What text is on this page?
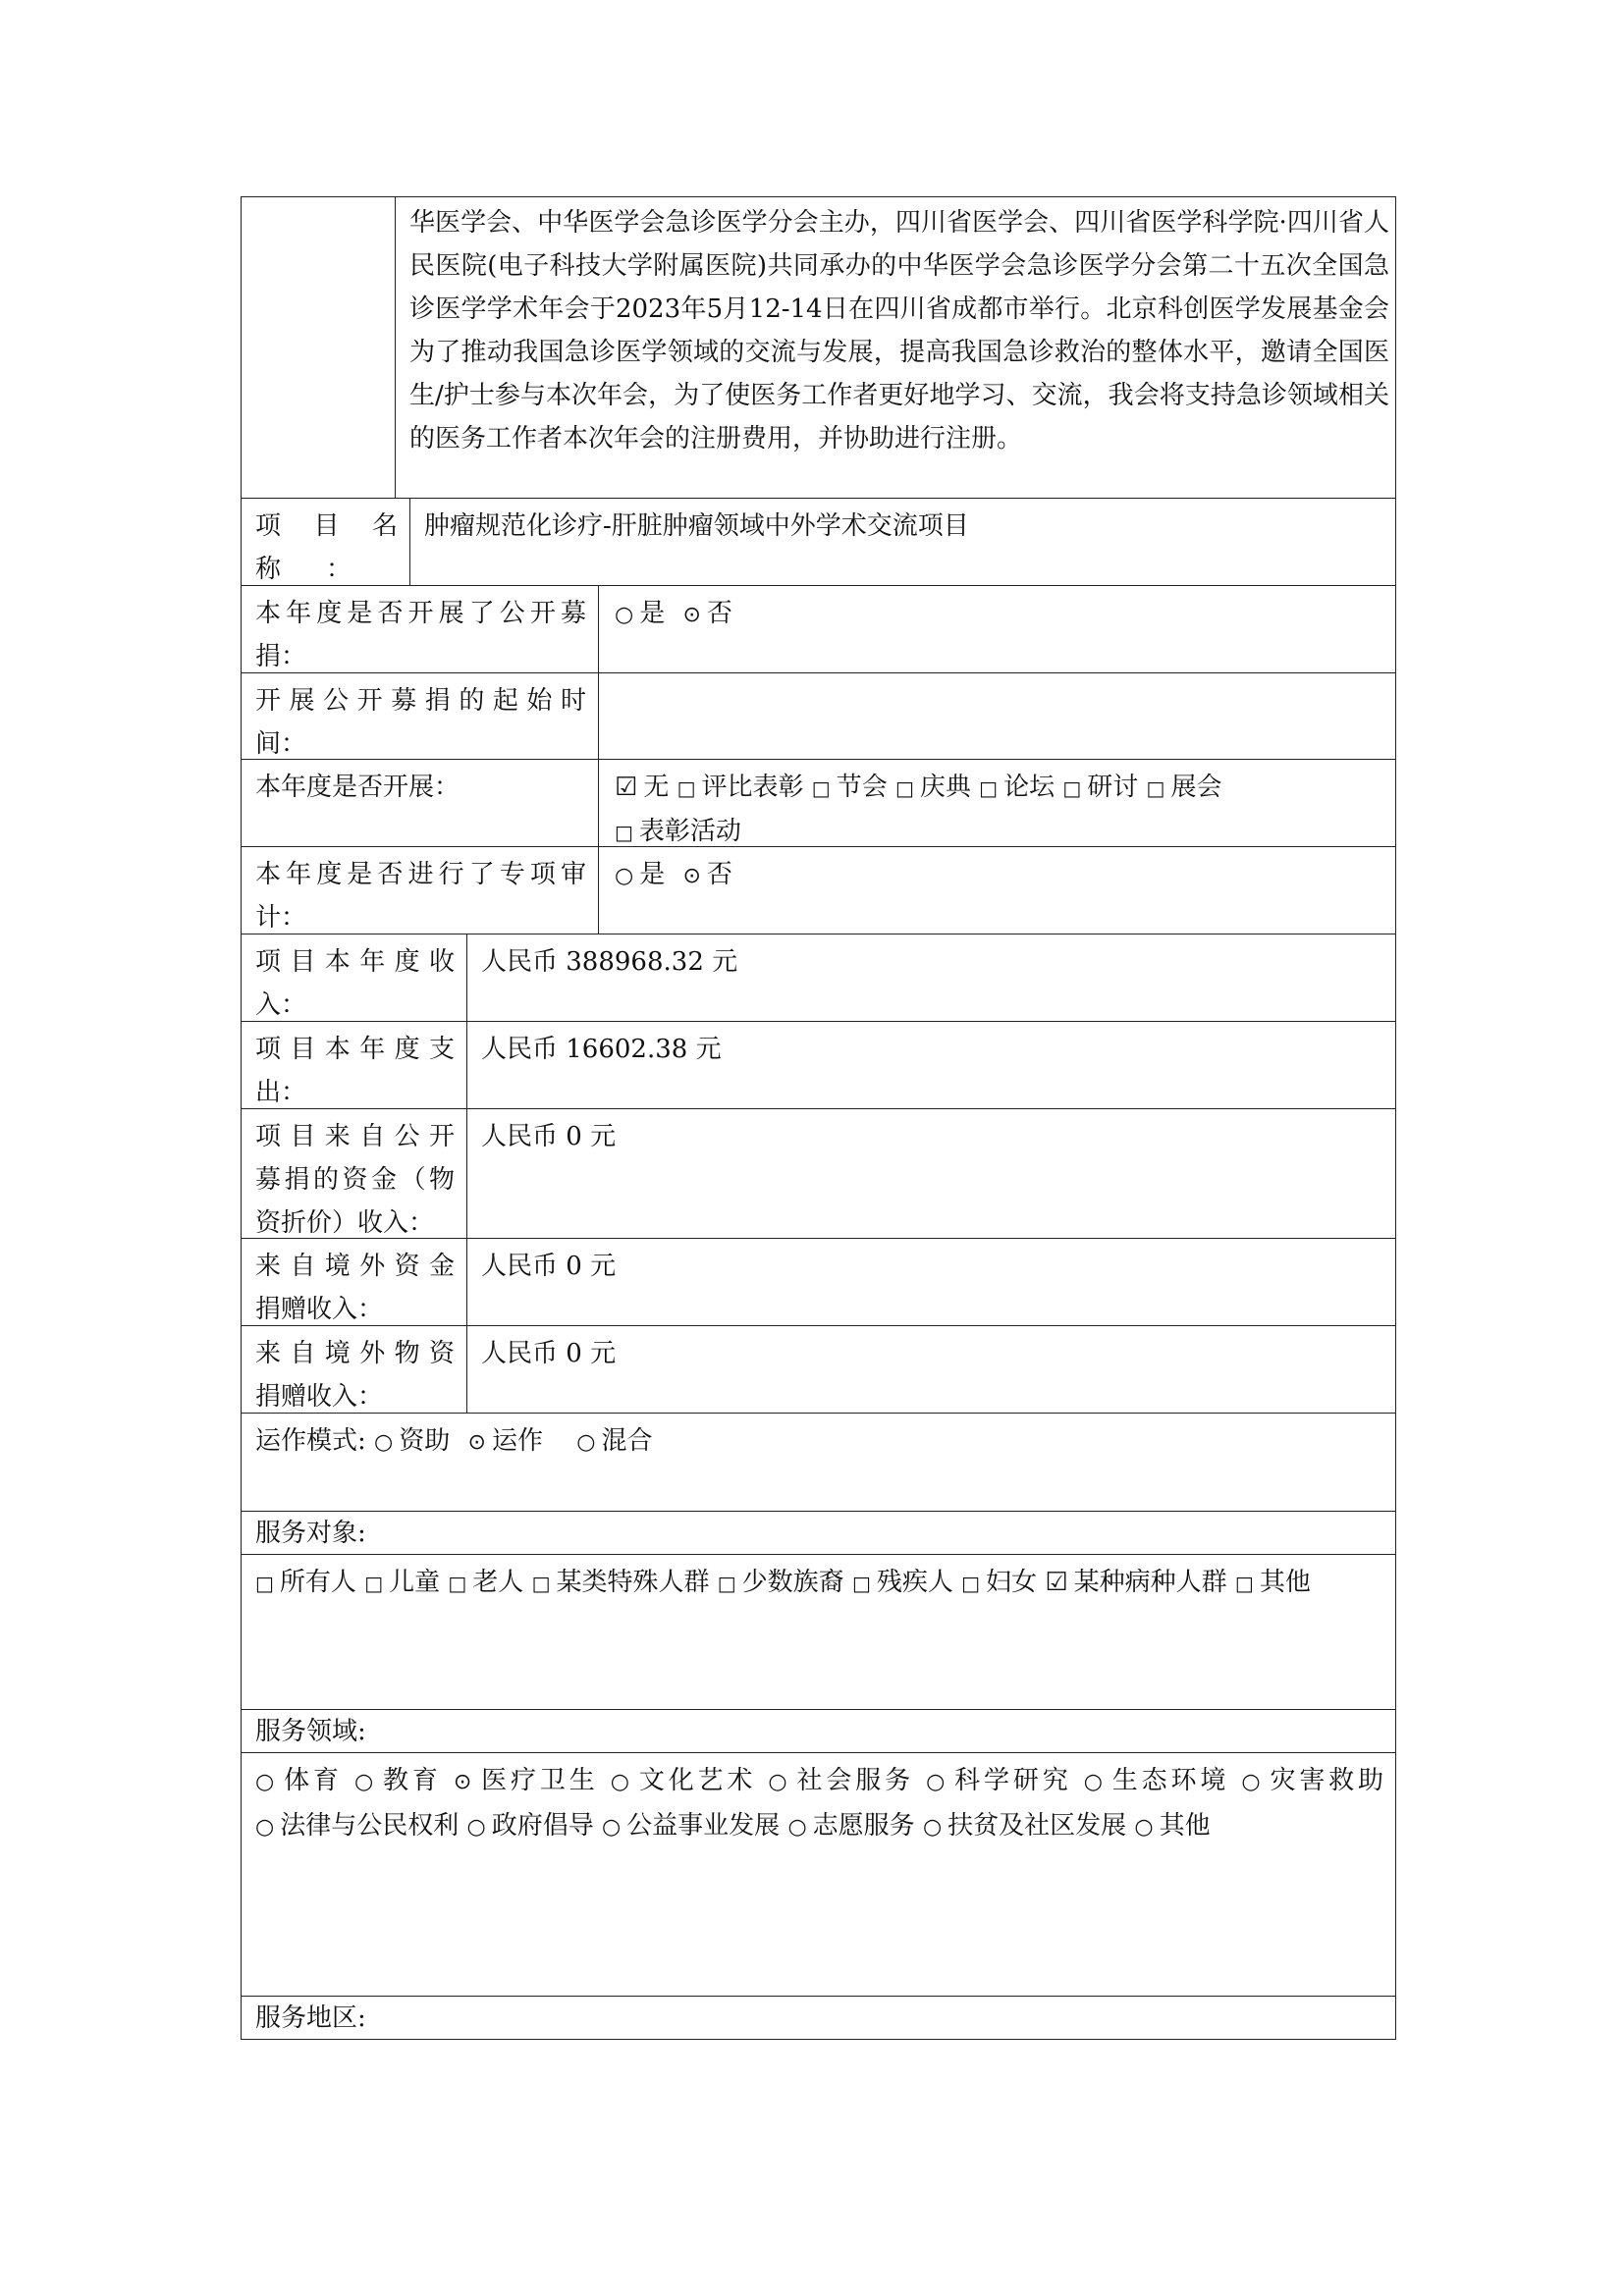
华医学会、中华医学会急诊医学分会主办，四川省医学会、四川省医学科学院·四川省人民医院(电子科技大学附属医院)共同承办的中华医学会急诊医学分会第二十五次全国急诊医学学术年会于2023年5月12-14日在四川省成都市举行。北京科创医学发展基金会为了推动我国急诊医学领域的交流与发展，提高我国急诊救治的整体水平，邀请全国医生/护士参与本次年会，为了使医务工作者更好地学习、交流，我会将支持急诊领域相关的医务工作者本次年会的注册费用，并协助进行注册。
项　目　名
称　：
肿瘤规范化诊疗-肝脏肿瘤领域中外学术交流项目
本年度是否开展了公开募
捐：
○ 是 ⊙ 否
开展公开募捐的起始时
间：
本年度是否开展：	☑ 无 □ 评比表彰 □ 节会 □ 庆典 □ 论坛 □ 研讨 □ 展会
□ 表彰活动
本年度是否进行了专项审
计：
○ 是 ⊙ 否
项目本年度收
入：
人民币 388968.32 元
项目本年度支
出：
人民币 16602.38 元
项目来自公开
募捐的资金（物
资折价）收入：
人民币 0 元
来自境外资金
捐赠收入：
人民币 0 元
来自境外物资
捐赠收入：
人民币 0 元
运作模式: ○ 资助 ⊙ 运作 ○ 混合
服务对象:
□ 所有人 □ 儿童 □ 老人 □ 某类特殊人群 □ 少数族裔 □ 残疾人 □ 妇女 ☑ 某种病种人群 □ 其他
服务领域:
○ 体育 ○ 教育 ⊙ 医疗卫生 ○ 文化艺术 ○ 社会服务 ○ 科学研究 ○ 生态环境 ○ 灾害救助 ○ 法律与公民权利 ○ 政府倡导 ○ 公益事业发展 ○ 志愿服务 ○ 扶贫及社区发展 ○ 其他
服务地区:
